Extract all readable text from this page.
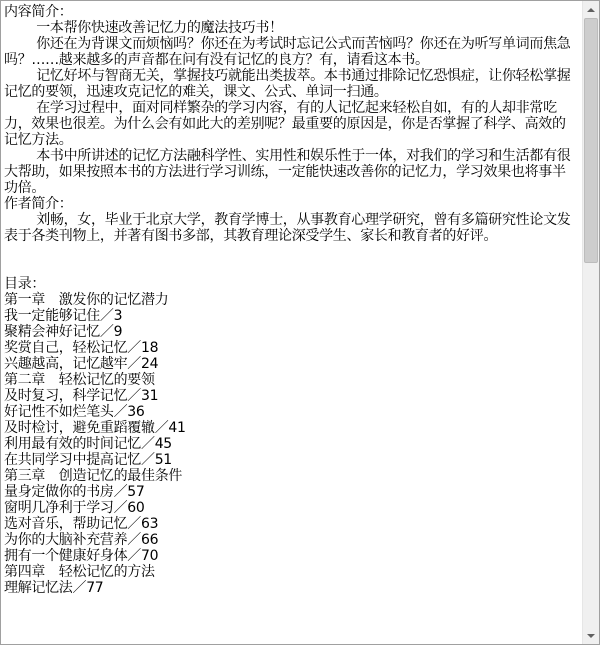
内容简介：
一本帮你快速改善记忆力的魔法技巧书！
你还在为背课文而烦恼吗？你还在为考试时忘记公式而苦恼吗？你还在为听写单词而焦急吗？……越来越多的声音都在问有没有记忆的良方？有，请看这本书。
记忆好坏与智商无关，掌握技巧就能出类拔萃。本书通过排除记忆恐惧症，让你轻松掌握记忆的要领，迅速攻克记忆的难关，课文、公式、单词一扫通。
在学习过程中，面对同样繁杂的学习内容，有的人记忆起来轻松自如，有的人却非常吃力，效果也很差。为什么会有如此大的差别呢？最重要的原因是，你是否掌握了科学、高效的记忆方法。
本书中所讲述的记忆方法融科学性、实用性和娱乐性于一体，对我们的学习和生活都有很大帮助，如果按照本书的方法进行学习训练，一定能快速改善你的记忆力，学习效果也将事半功倍。
作者简介：
刘畅，女，毕业于北京大学，教育学博士，从事教育心理学研究，曾有多篇研究性论文发表于各类刊物上，并著有图书多部，其教育理论深受学生、家长和教育者的好评。
目录：
第一章　激发你的记忆潜力
我一定能够记住／3
聚精会神好记忆／9
奖赏自己，轻松记忆／18
兴趣越高，记忆越牢／24
第二章　轻松记忆的要领
及时复习，科学记忆／31
好记性不如烂笔头／36
及时检讨，避免重蹈覆辙／41
利用最有效的时间记忆／45
在共同学习中提高记忆／51
第三章　创造记忆的最佳条件
量身定做你的书房／57
窗明几净利于学习／60
选对音乐，帮助记忆／63
为你的大脑补充营养／66
拥有一个健康好身体／70
第四章　轻松记忆的方法
理解记忆法／77
